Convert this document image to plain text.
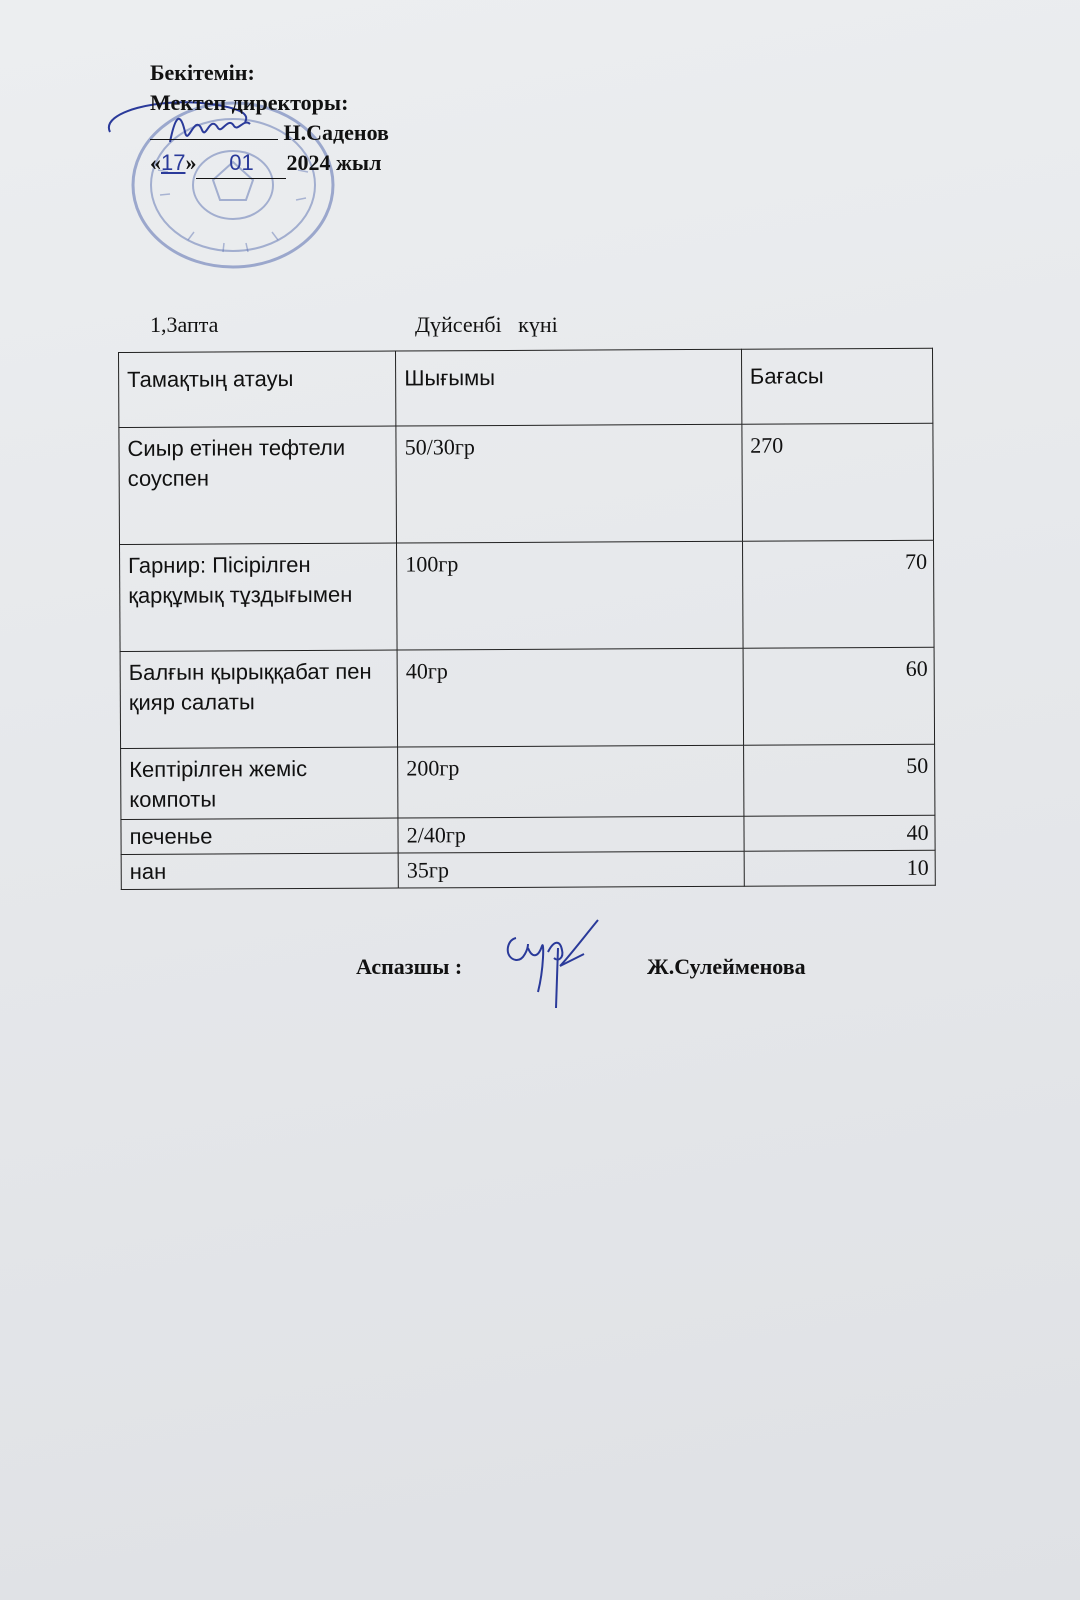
Бекітемін:
Мектеп директоры:
Н.Саденов
«17» 01 2024 жыл
1,3апта	Дүйсенбі   күні
Тамақтың атауы	Шығымы	Бағасы
Сиыр етінен тефтели соуспен	50/30гр	270
Гарнир: Пісірілген қарқұмық тұздығымен	100гр	70
Балғын қырыққабат пен қияр салаты	40гр	60
Кептірілген жеміс компоты	200гр	50
печенье	2/40гр	40
нан	35гр	10
Аспазшы :	Ж.Сулейменова
